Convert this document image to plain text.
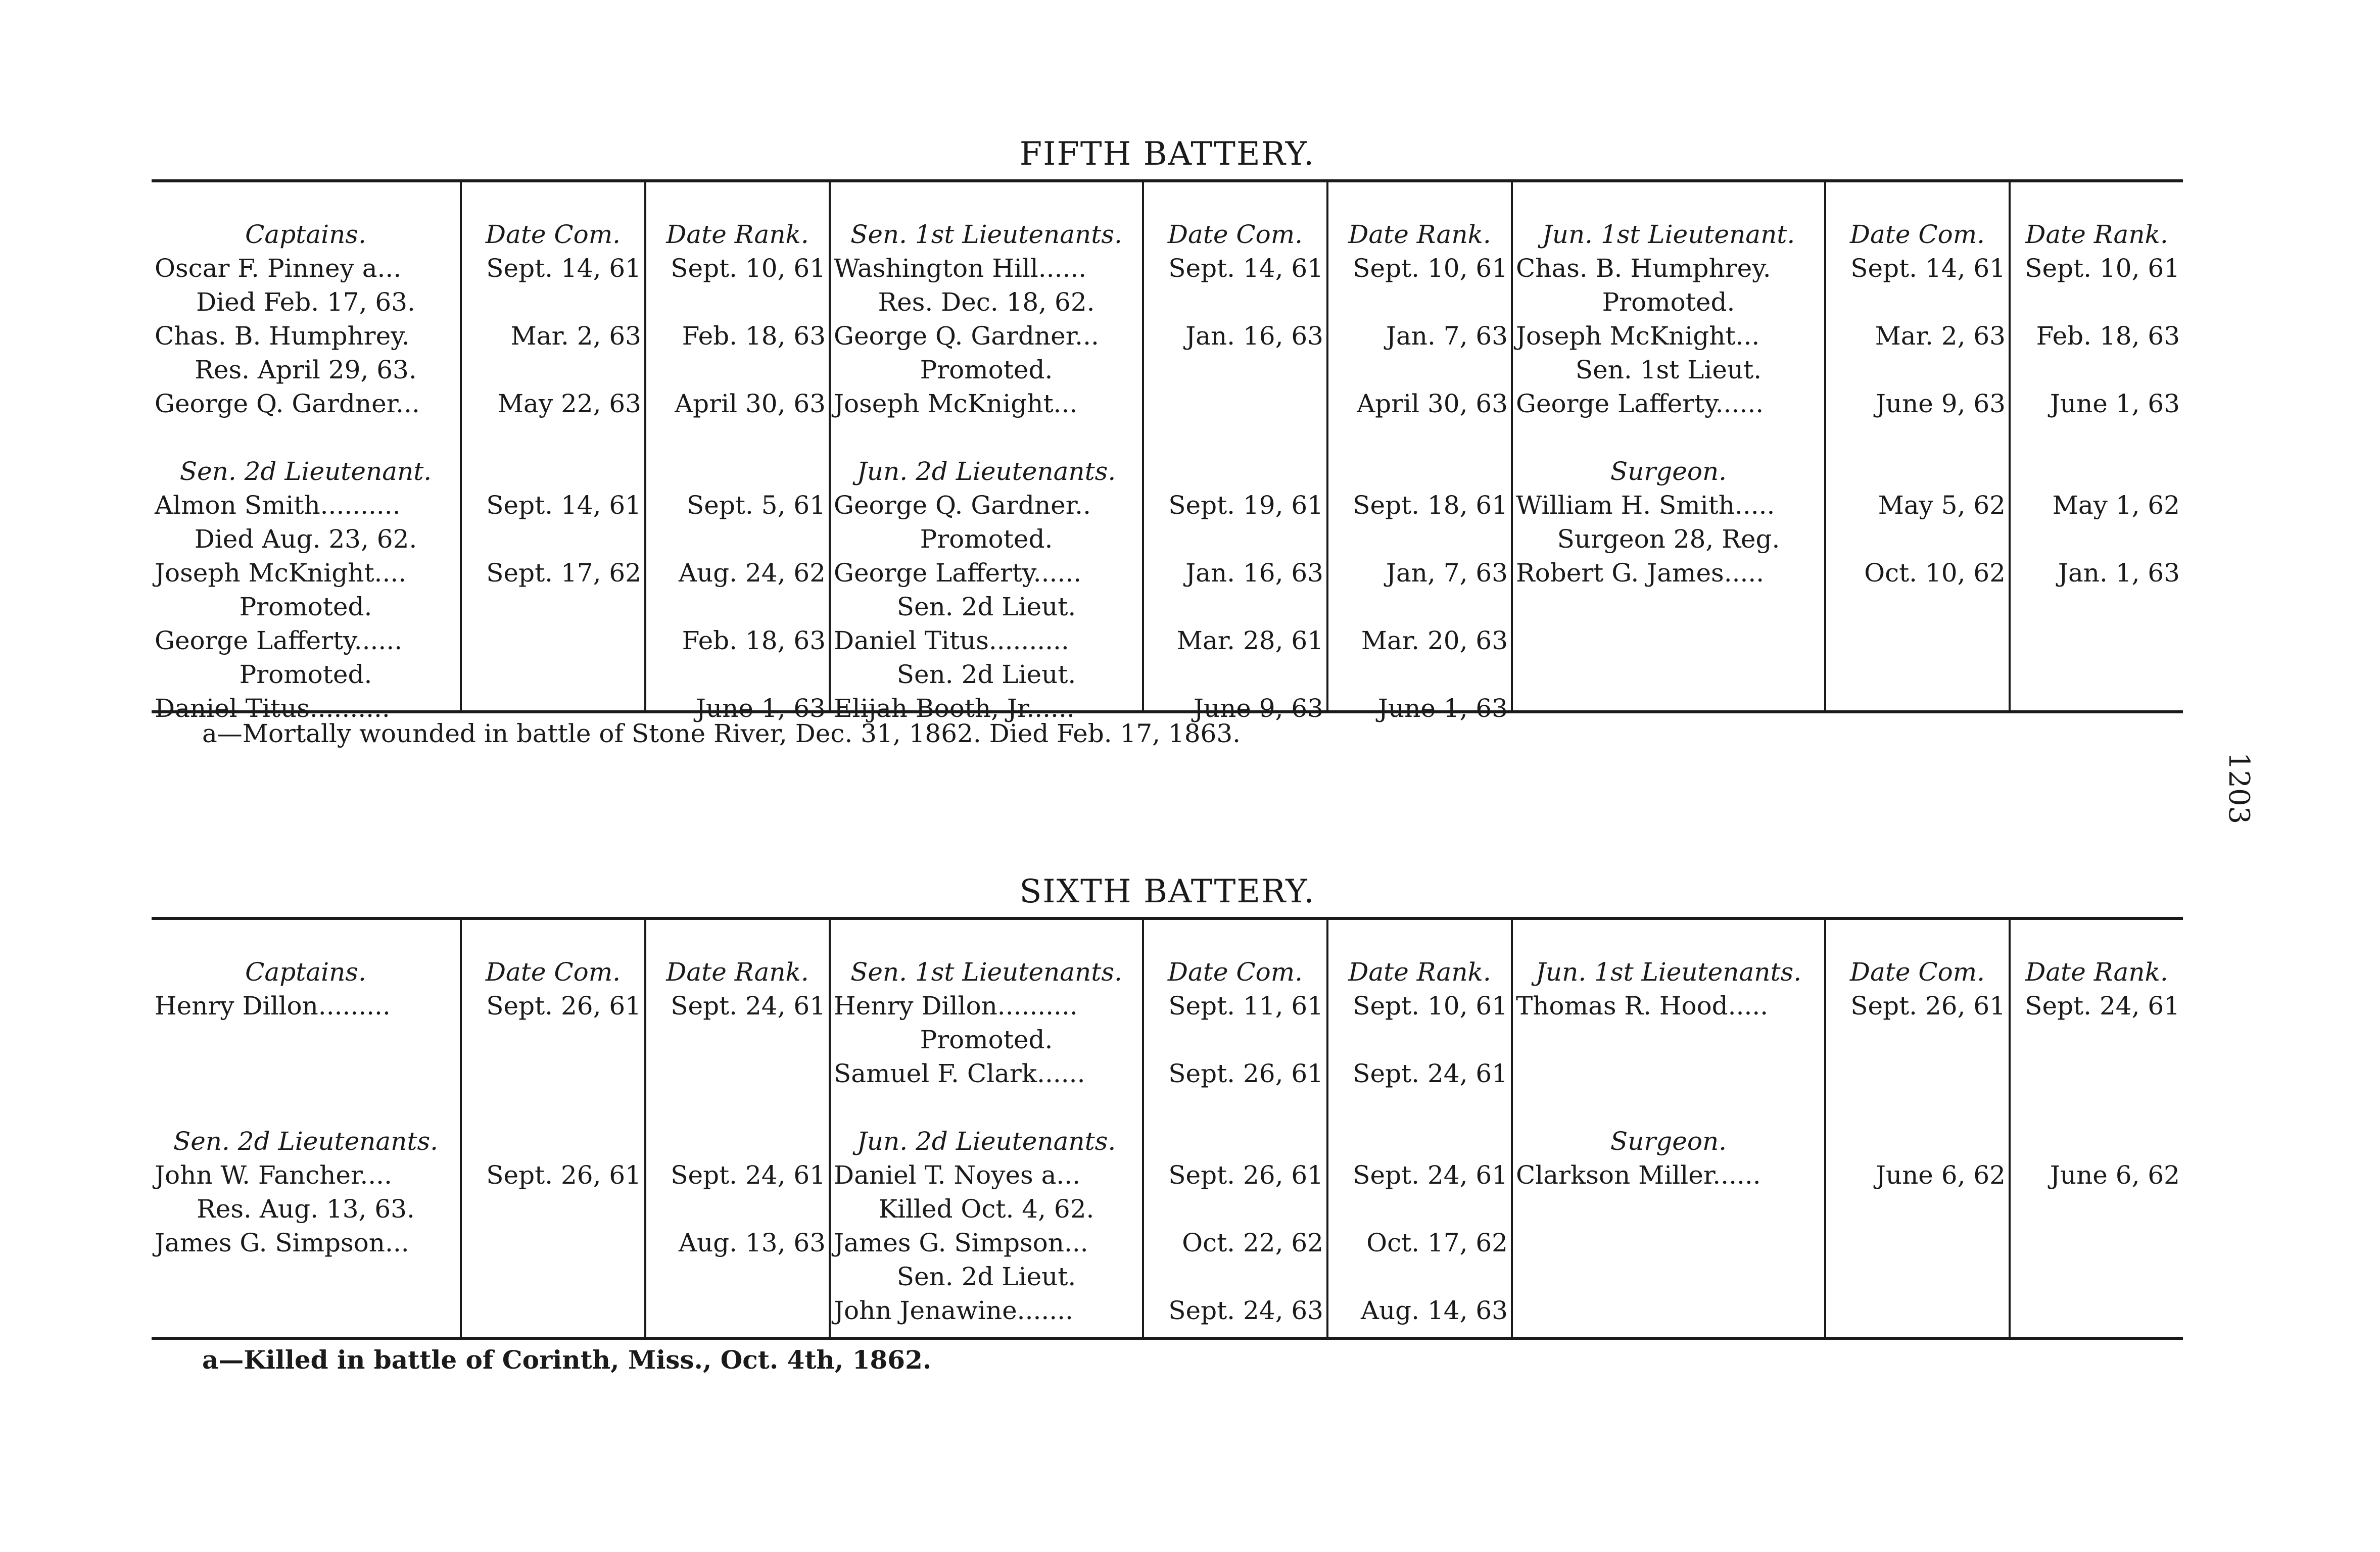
FIFTH BATTERY.
Captains.
Oscar F. Pinney a...
Died Feb. 17, 63.
Chas. B. Humphrey.
Res. April 29, 63.
George Q. Gardner...
Sen. 2d Lieutenant.
Almon Smith..........
Died Aug. 23, 62.
Joseph McKnight....
Promoted.
George Lafferty......
Promoted.
Daniel Titus..........
Date Com.
Sept. 14, 61
Mar. 2, 63
May 22, 63
Sept. 14, 61
Sept. 17, 62
Date Rank.
Sept. 10, 61
Feb. 18, 63
April 30, 63
Sept. 5, 61
Aug. 24, 62
Feb. 18, 63
June 1, 63
Sen. 1st Lieutenants.
Washington Hill......
Res. Dec. 18, 62.
George Q. Gardner...
Promoted.
Joseph McKnight...
Jun. 2d Lieutenants.
George Q. Gardner..
Promoted.
George Lafferty......
Sen. 2d Lieut.
Daniel Titus..........
Sen. 2d Lieut.
Elijah Booth, Jr......
Date Com.
Sept. 14, 61
Jan. 16, 63
Sept. 19, 61
Jan. 16, 63
Mar. 28, 61
June 9, 63
Date Rank.
Sept. 10, 61
Jan. 7, 63
April 30, 63
Sept. 18, 61
Jan, 7, 63
Mar. 20, 63
June 1, 63
Jun. 1st Lieutenant.
Chas. B. Humphrey.
Promoted.
Joseph McKnight...
Sen. 1st Lieut.
George Lafferty......
Surgeon.
William H. Smith.....
Surgeon 28, Reg.
Robert G. James.....
Date Com.
Sept. 14, 61
Mar. 2, 63
June 9, 63
May 5, 62
Oct. 10, 62
Date Rank.
Sept. 10, 61
Feb. 18, 63
June 1, 63
May 1, 62
Jan. 1, 63
a—Mortally wounded in battle of Stone River, Dec. 31, 1862. Died Feb. 17, 1863.
SIXTH BATTERY.
Captains.
Henry Dillon.........
Sen. 2d Lieutenants.
John W. Fancher....
Res. Aug. 13, 63.
James G. Simpson...
Date Com.
Sept. 26, 61
Sept. 26, 61
Date Rank.
Sept. 24, 61
Sept. 24, 61
Aug. 13, 63
Sen. 1st Lieutenants.
Henry Dillon..........
Promoted.
Samuel F. Clark......
Jun. 2d Lieutenants.
Daniel T. Noyes a...
Killed Oct. 4, 62.
James G. Simpson...
Sen. 2d Lieut.
John Jenawine.......
Date Com.
Sept. 11, 61
Sept. 26, 61
Sept. 26, 61
Oct. 22, 62
Sept. 24, 63
Date Rank.
Sept. 10, 61
Sept. 24, 61
Sept. 24, 61
Oct. 17, 62
Aug. 14, 63
Jun. 1st Lieutenants.
Thomas R. Hood.....
Surgeon.
Clarkson Miller......
Date Com.
Sept. 26, 61
June 6, 62
Date Rank.
Sept. 24, 61
June 6, 62
a—Killed in battle of Corinth, Miss., Oct. 4th, 1862.
1203
